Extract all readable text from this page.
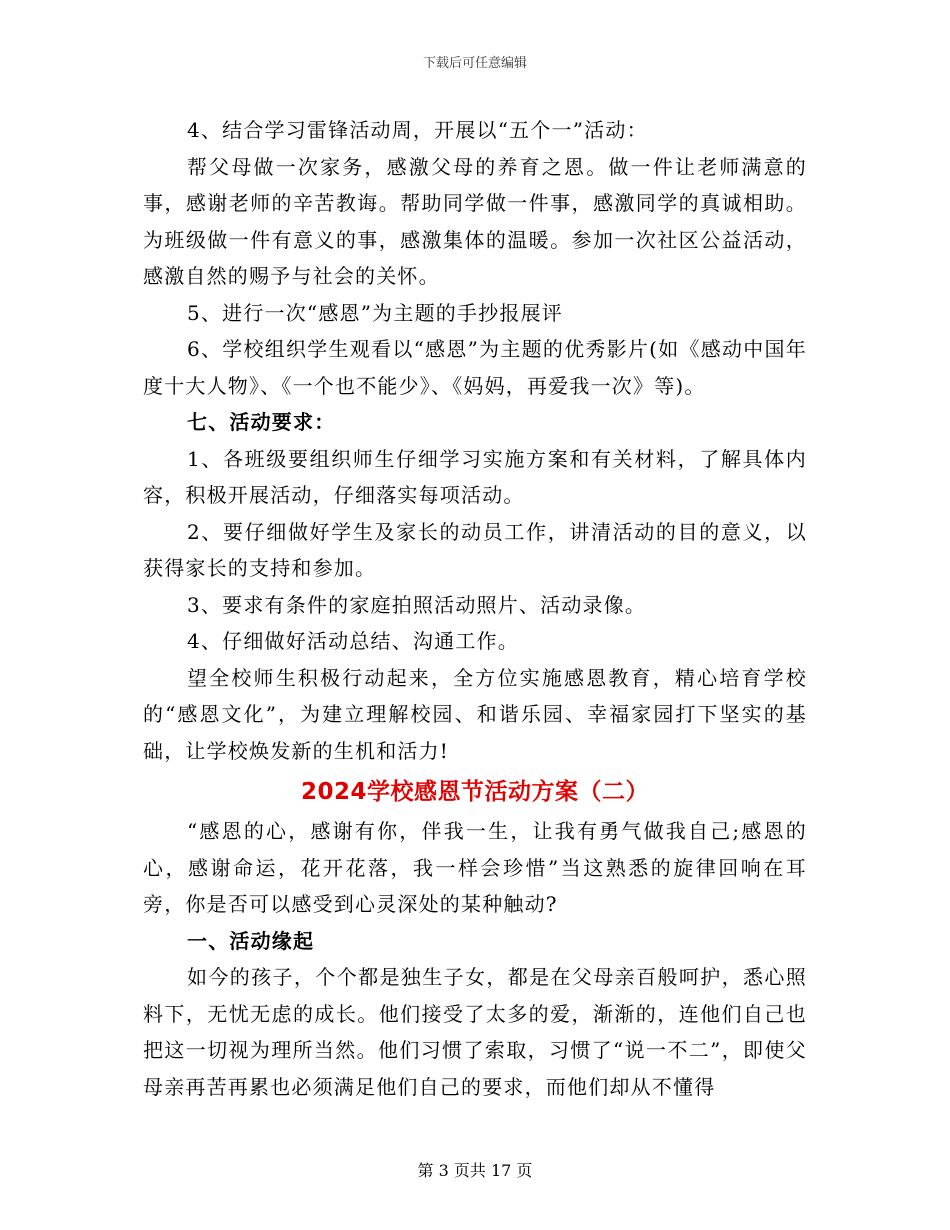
下载后可任意编辑

4、结合学习雷锋活动周，开展以“五个一”活动：

帮父母做一次家务，感激父母的养育之恩。做一件让老师满意的事，感谢老师的辛苦教诲。帮助同学做一件事，感激同学的真诚相助。为班级做一件有意义的事，感激集体的温暖。参加一次社区公益活动，感激自然的赐予与社会的关怀。

5、进行一次“感恩”为主题的手抄报展评

6、学校组织学生观看以“感恩”为主题的优秀影片(如《感动中国年度十大人物》、《一个也不能少》、《妈妈，再爱我一次》等)。

七、活动要求：

1、各班级要组织师生仔细学习实施方案和有关材料，了解具体内容，积极开展活动，仔细落实每项活动。

2、要仔细做好学生及家长的动员工作，讲清活动的目的意义，以获得家长的支持和参加。

3、要求有条件的家庭拍照活动照片、活动录像。

4、仔细做好活动总结、沟通工作。

望全校师生积极行动起来，全方位实施感恩教育，精心培育学校的“感恩文化”，为建立理解校园、和谐乐园、幸福家园打下坚实的基础，让学校焕发新的生机和活力!

2024学校感恩节活动方案（二）

“感恩的心，感谢有你，伴我一生，让我有勇气做我自己;感恩的心，感谢命运，花开花落，我一样会珍惜”当这熟悉的旋律回响在耳旁，你是否可以感受到心灵深处的某种触动?

一、活动缘起

如今的孩子，个个都是独生子女，都是在父母亲百般呵护，悉心照料下，无忧无虑的成长。他们接受了太多的爱，渐渐的，连他们自己也把这一切视为理所当然。他们习惯了索取，习惯了“说一不二”，即使父母亲再苦再累也必须满足他们自己的要求，而他们却从不懂得

第 3 页共 17 页
